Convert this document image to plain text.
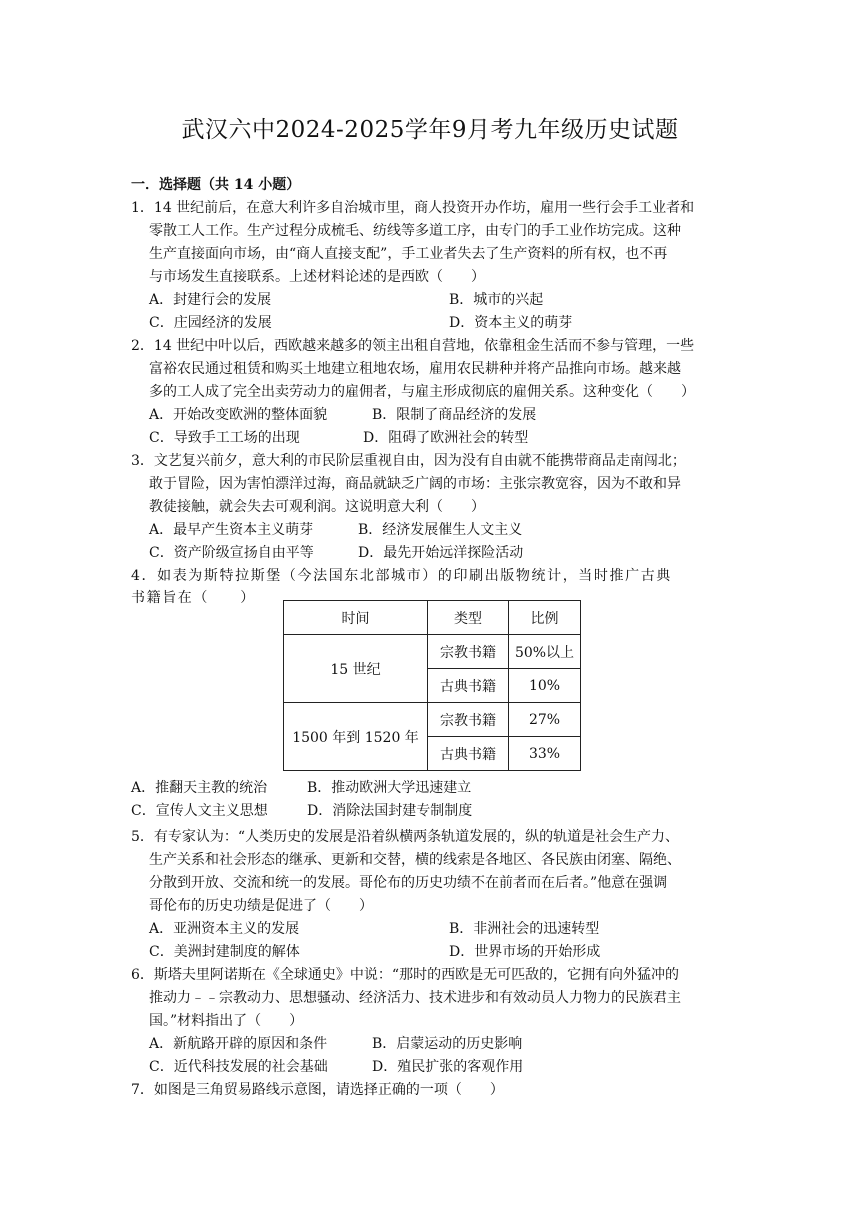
武汉六中2024-2025学年9月考九年级历史试题
一．选择题（共 14 小题）
1．14 世纪前后，在意大利许多自治城市里，商人投资开办作坊，雇用一些行会手工业者和
零散工人工作。生产过程分成梳毛、纺线等多道工序，由专门的手工业作坊完成。这种
生产直接面向市场，由“商人直接支配”，手工业者失去了生产资料的所有权，也不再
与市场发生直接联系。上述材料论述的是西欧（　　）
A．封建行会的发展	B．城市的兴起
C．庄园经济的发展	D．资本主义的萌芽
2．14 世纪中叶以后，西欧越来越多的领主出租自营地，依靠租金生活而不参与管理，一些
富裕农民通过租赁和购买土地建立租地农场，雇用农民耕种并将产品推向市场。越来越
多的工人成了完全出卖劳动力的雇佣者，与雇主形成彻底的雇佣关系。这种变化（　　）
A．开始改变欧洲的整体面貌	B．限制了商品经济的发展
C．导致手工工场的出现	D．阻碍了欧洲社会的转型
3．文艺复兴前夕，意大利的市民阶层重视自由，因为没有自由就不能携带商品走南闯北；
敢于冒险，因为害怕漂洋过海，商品就缺乏广阔的市场：主张宗教宽容，因为不敢和异
教徒接触，就会失去可观利润。这说明意大利（　　）
A．最早产生资本主义萌芽	B．经济发展催生人文主义
C．资产阶级宣扬自由平等	D．最先开始远洋探险活动
4．如表为斯特拉斯堡（今法国东北部城市）的印刷出版物统计，当时推广古典
书籍旨在（　　）
时间	类型	比例
15 世纪	宗教书籍	50%以上
	古典书籍	10%
1500 年到 1520 年	宗教书籍	27%
	古典书籍	33%
A．推翻天主教的统治	B．推动欧洲大学迅速建立
C．宣传人文主义思想	D．消除法国封建专制制度
5．有专家认为：“人类历史的发展是沿着纵横两条轨道发展的，纵的轨道是社会生产力、
生产关系和社会形态的继承、更新和交替，横的线索是各地区、各民族由闭塞、隔绝、
分散到开放、交流和统一的发展。哥伦布的历史功绩不在前者而在后者。”他意在强调
哥伦布的历史功绩是促进了（　　）
A．亚洲资本主义的发展	B．非洲社会的迅速转型
C．美洲封建制度的解体	D．世界市场的开始形成
6．斯塔夫里阿诺斯在《全球通史》中说：“那时的西欧是无可匹敌的，它拥有向外猛冲的
推动力﹣﹣宗教动力、思想骚动、经济活力、技术进步和有效动员人力物力的民族君主
国。”材料指出了（　　）
A．新航路开辟的原因和条件	B．启蒙运动的历史影响
C．近代科技发展的社会基础	D．殖民扩张的客观作用
7．如图是三角贸易路线示意图，请选择正确的一项（　　）
